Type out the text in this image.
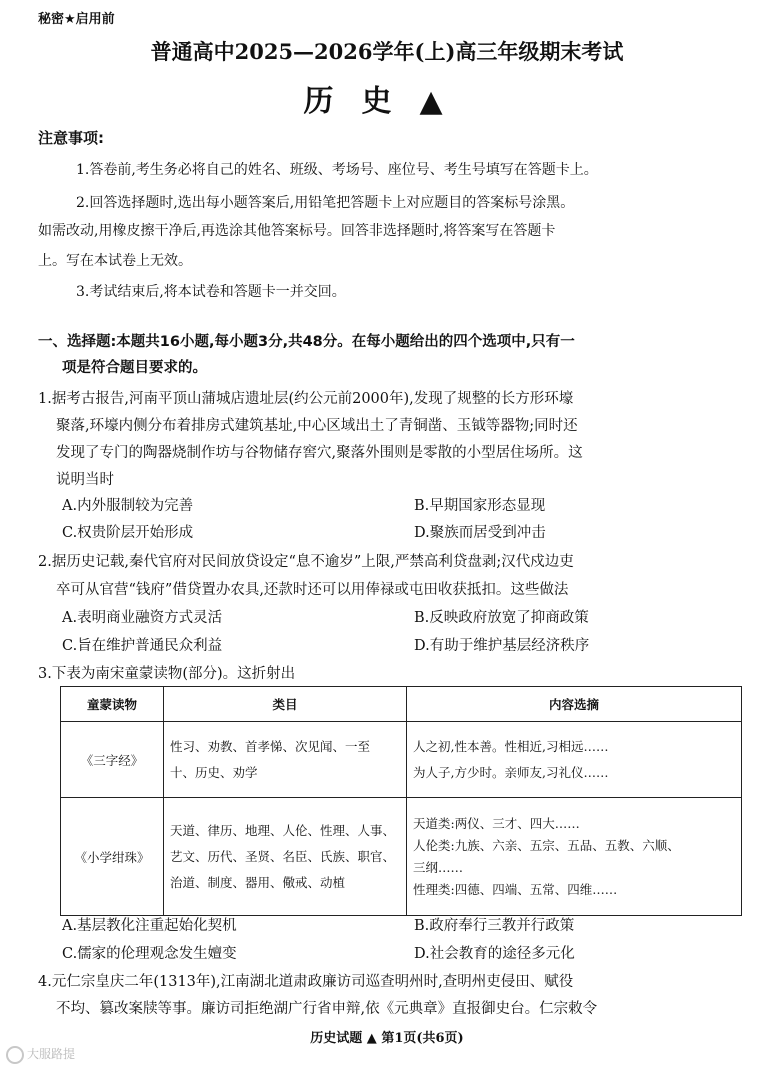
秘密★启用前
普通高中2025—2026学年(上)高三年级期末考试
历史▲
注意事项:
1.答卷前,考生务必将自己的姓名、班级、考场号、座位号、考生号填写在答题卡上。
2.回答选择题时,选出每小题答案后,用铅笔把答题卡上对应题目的答案标号涂黑。
如需改动,用橡皮擦干净后,再选涂其他答案标号。回答非选择题时,将答案写在答题卡
上。写在本试卷上无效。
3.考试结束后,将本试卷和答题卡一并交回。
一、选择题:本题共16小题,每小题3分,共48分。在每小题给出的四个选项中,只有一
项是符合题目要求的。
1.据考古报告,河南平顶山蒲城店遗址层(约公元前2000年),发现了规整的长方形环壕
聚落,环壕内侧分布着排房式建筑基址,中心区域出土了青铜凿、玉钺等器物;同时还
发现了专门的陶器烧制作坊与谷物储存窖穴,聚落外围则是零散的小型居住场所。这
说明当时
A.内外服制较为完善	B.早期国家形态显现
C.权贵阶层开始形成	D.聚族而居受到冲击
2.据历史记载,秦代官府对民间放贷设定“息不逾岁”上限,严禁高利贷盘剥;汉代戍边吏
卒可从官营“钱府”借贷置办农具,还款时还可以用俸禄或屯田收获抵扣。这些做法
A.表明商业融资方式灵活	B.反映政府放宽了抑商政策
C.旨在维护普通民众利益	D.有助于维护基层经济秩序
3.下表为南宋童蒙读物(部分)。这折射出
童蒙读物	类目	内容选摘
《三字经》	性习、劝教、首孝悌、次见闻、一至
十、历史、劝学	人之初,性本善。性相近,习相远……
为人子,方少时。亲师友,习礼仪……

《小学绀珠》	天道、律历、地理、人伦、性理、人事、
艺文、历代、圣贤、名臣、氏族、职官、
治道、制度、器用、儆戒、动植	天道类:两仪、三才、四大……
人伦类:九族、六亲、五宗、五品、五教、六顺、
三纲……
性理类:四德、四端、五常、四维……
A.基层教化注重起始化契机	B.政府奉行三教并行政策
C.儒家的伦理观念发生嬗变	D.社会教育的途径多元化
4.元仁宗皇庆二年(1313年),江南湖北道肃政廉访司巡查明州时,查明州吏侵田、赋役
不均、篡改案牍等事。廉访司拒绝湖广行省申辩,依《元典章》直报御史台。仁宗敕令
历史试题 ▲ 第1页(共6页)
大服路提
